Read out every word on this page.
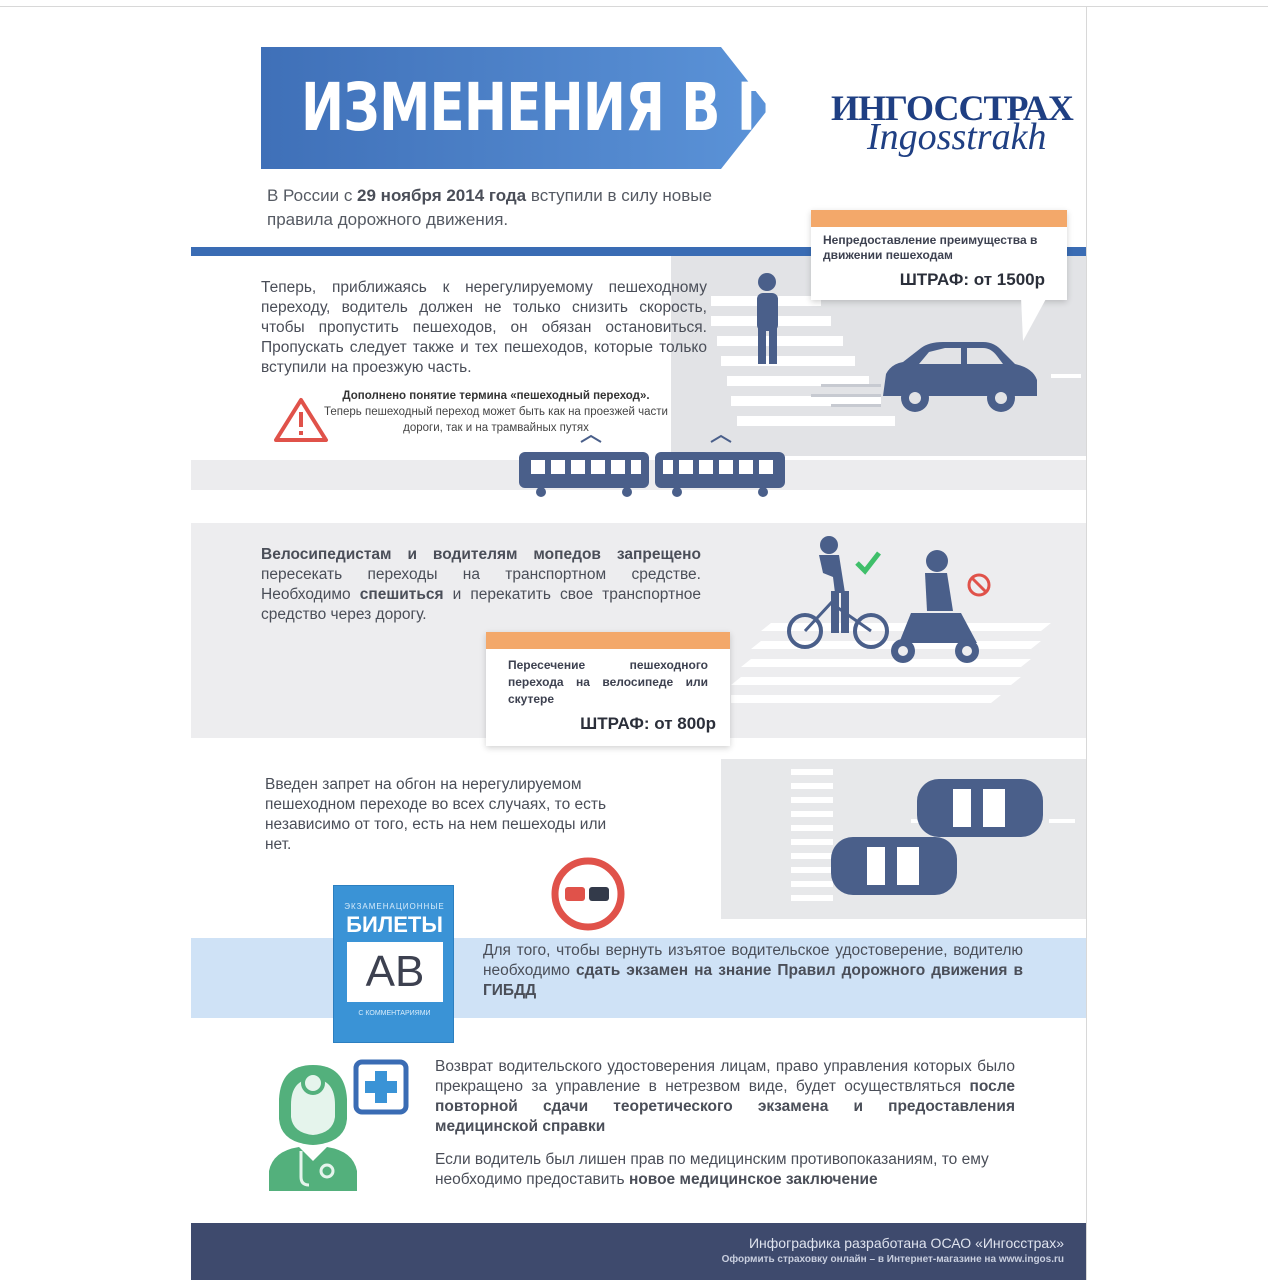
ИЗМЕНЕНИЯ В ПДД
ИНГОССТРАХ
Ingosstrakh
В России с 29 ноября 2014 года вступили в силу новые правила дорожного движения.
Теперь, приближаясь к нерегулируемому пешеходному переходу, водитель должен не только снизить скорость, чтобы пропустить пешеходов, он обязан остановиться. Пропускать следует также и тех пешеходов, которые только вступили на проезжую часть.
Дополнено понятие термина «пешеходный переход».
Теперь пешеходный переход может быть как на проезжей части дороги, так и на трамвайных путях
Непредоставление преимущества в движении пешеходам
ШТРАФ: от 1500р
Велосипедистам и водителям мопедов запрещено пересекать переходы на транспортном средстве. Необходимо спешиться и перекатить свое транспортное средство через дорогу.
Пересечение пешеходного перехода на велосипеде или скутере
ШТРАФ: от 800р
Введен запрет на обгон на нерегулируемом пешеходном переходе во всех случаях, то есть независимо от того, есть на нем пешеходы или нет.
ЭКЗАМЕНАЦИОННЫЕ
БИЛЕТЫ
АВ
С КОММЕНТАРИЯМИ
Для того, чтобы вернуть изъятое водительское удостоверение, водителю необходимо сдать экзамен на знание Правил дорожного движения в ГИБДД
Возврат водительского удостоверения лицам, право управления которых было прекращено за управление в нетрезвом виде, будет осуществляться после повторной сдачи теоретического экзамена и предоставления медицинской справки
Если водитель был лишен прав по медицинским противопоказаниям, то ему необходимо предоставить новое медицинское заключение
Инфографика разработана ОСАО «Ингосстрах»
Оформить страховку онлайн – в Интернет-магазине на www.ingos.ru
